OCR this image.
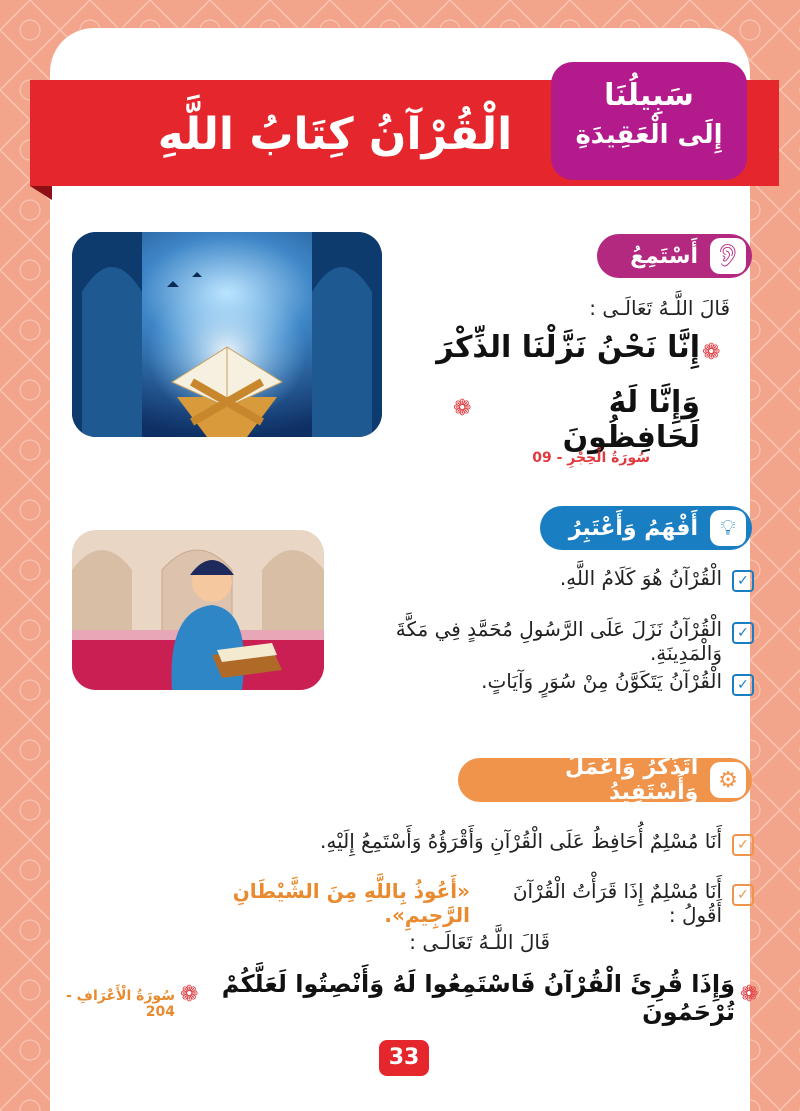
الْقُرْآنُ كِتَابُ اللَّهِ
سَبِيلُنَا
إِلَى الْعَقِيدَةِ
👂︎
أَسْتَمِعُ
قَالَ اللَّـهُ تَعَالَـى :
❁
إِنَّا نَحْنُ نَزَّلْنَا الذِّكْرَ
وَإِنَّا لَهُ لَحَافِظُونَ
❁
سُورَةُ الْحِجْرِ - 09
💡︎
أَفْهَمُ وَأَعْتَبِرُ
✓
الْقُرْآنُ هُوَ كَلَامُ اللَّهِ.
✓
الْقُرْآنُ نَزَلَ عَلَى الرَّسُولِ مُحَمَّدٍ فِي مَكَّةَ وَالْمَدِينَةِ.
✓
الْقُرْآنُ يَتَكَوَّنُ مِنْ سُوَرٍ وَآيَاتٍ.
⚙︎
أَتَذَكَّرُ وَأَعْمَلُ وَأَسْتَفِيدُ
✓
أَنَا مُسْلِمٌ أُحَافِظُ عَلَى الْقُرْآنِ وَأَقْرَؤُهُ وَأَسْتَمِعُ إِلَيْهِ.
✓
أَنَا مُسْلِمٌ إِذَا قَرَأْتُ الْقُرْآنَ أَقُولُ :
«أَعُوذُ بِاللَّهِ مِنَ الشَّيْطَانِ الرَّجِيمِ».
قَالَ اللَّـهُ تَعَالَـى :
❁
وَإِذَا قُرِئَ الْقُرْآنُ فَاسْتَمِعُوا لَهُ وَأَنْصِتُوا لَعَلَّكُمْ تُرْحَمُونَ
❁
سُورَةُ الْأَعْرَافِ - 204
33
